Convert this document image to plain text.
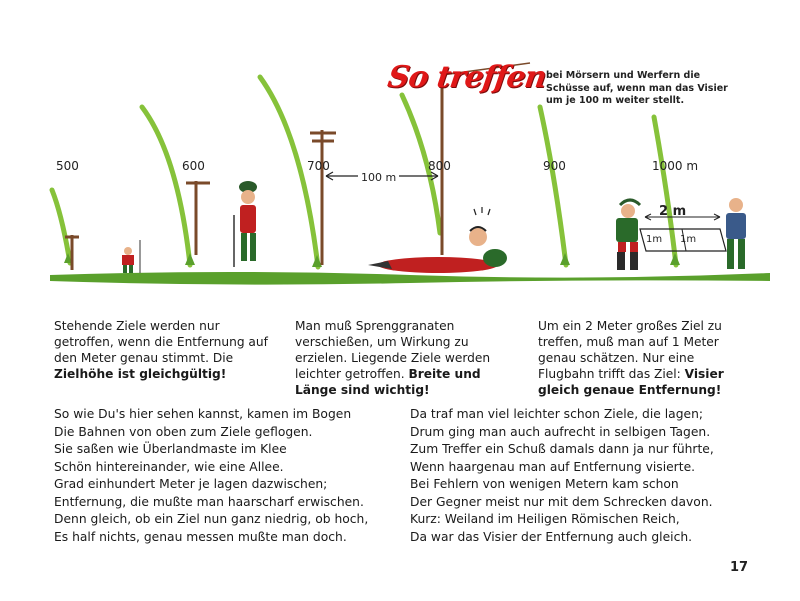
500	600	700	800	900	1000 m
100 m
2 m
1m 1m
So treffen
bei Mörsern und Werfern die Schüsse auf, wenn man das Visier um je 100 m weiter stellt.
Stehende Ziele werden nur getroffen, wenn die Entfernung auf den Meter genau stimmt. Die Zielhöhe ist gleichgültig!
Man muß Sprenggranaten verschießen, um Wirkung zu erzielen. Liegende Ziele werden leichter getroffen. Breite und Länge sind wichtig!
Um ein 2 Meter großes Ziel zu treffen, muß man auf 1 Meter genau schätzen. Nur eine Flugbahn trifft das Ziel: Visier gleich genaue Entfernung!
So wie Du's hier sehen kannst, kamen im Bogen
Die Bahnen von oben zum Ziele geflogen.
Sie saßen wie Überlandmaste im Klee
Schön hintereinander, wie eine Allee.
Grad einhundert Meter je lagen dazwischen;
Entfernung, die mußte man haarscharf erwischen.
Denn gleich, ob ein Ziel nun ganz niedrig, ob hoch,
Es half nichts, genau messen mußte man doch.
Da traf man viel leichter schon Ziele, die lagen;
Drum ging man auch aufrecht in selbigen Tagen.
Zum Treffer ein Schuß damals dann ja nur führte,
Wenn haargenau man auf Entfernung visierte.
Bei Fehlern von wenigen Metern kam schon
Der Gegner meist nur mit dem Schrecken davon.
Kurz: Weiland im Heiligen Römischen Reich,
Da war das Visier der Entfernung auch gleich.
17
